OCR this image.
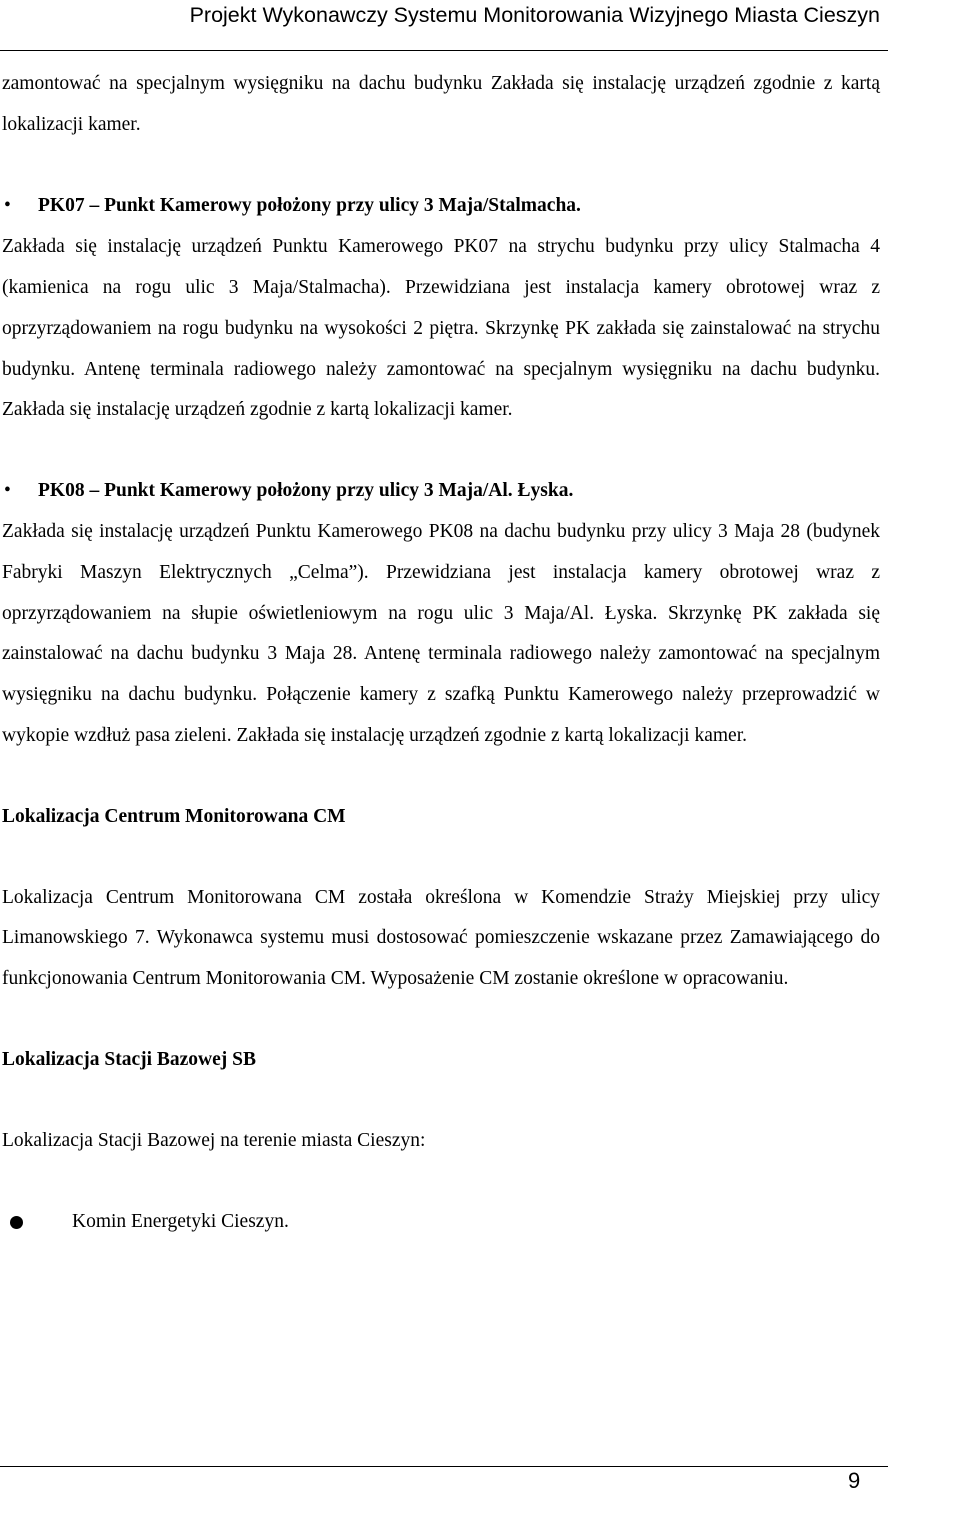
Projekt Wykonawczy Systemu Monitorowania Wizyjnego Miasta Cieszyn

zamontować na specjalnym wysięgniku na dachu budynku Zakłada się instalację urządzeń zgodnie z kartą lokalizacji kamer.

• PK07 – Punkt Kamerowy położony przy ulicy 3 Maja/Stalmacha.

Zakłada się instalację urządzeń Punktu Kamerowego PK07 na strychu budynku przy ulicy Stalmacha 4 (kamienica na rogu ulic 3 Maja/Stalmacha). Przewidziana jest instalacja kamery obrotowej wraz z oprzyrządowaniem na rogu budynku na wysokości 2 piętra. Skrzynkę PK zakłada się zainstalować na strychu budynku. Antenę terminala radiowego należy zamontować na specjalnym wysięgniku na dachu budynku. Zakłada się instalację urządzeń zgodnie z kartą lokalizacji kamer.

• PK08 – Punkt Kamerowy położony przy ulicy 3 Maja/Al. Łyska.

Zakłada się instalację urządzeń Punktu Kamerowego PK08 na dachu budynku przy ulicy 3 Maja 28 (budynek Fabryki Maszyn Elektrycznych „Celma”). Przewidziana jest instalacja kamery obrotowej wraz z oprzyrządowaniem na słupie oświetleniowym na rogu ulic 3 Maja/Al. Łyska. Skrzynkę PK zakłada się zainstalować na dachu budynku 3 Maja 28. Antenę terminala radiowego należy zamontować na specjalnym wysięgniku na dachu budynku. Połączenie kamery z szafką Punktu Kamerowego należy przeprowadzić w wykopie wzdłuż pasa zieleni. Zakłada się instalację urządzeń zgodnie z kartą lokalizacji kamer.

Lokalizacja Centrum Monitorowana CM

Lokalizacja Centrum Monitorowana CM została określona w Komendzie Straży Miejskiej przy ulicy Limanowskiego 7. Wykonawca systemu musi dostosować pomieszczenie wskazane przez Zamawiającego do funkcjonowania Centrum Monitorowania CM. Wyposażenie CM zostanie określone w opracowaniu.

Lokalizacja Stacji Bazowej SB

Lokalizacja Stacji Bazowej na terenie miasta Cieszyn:

Komin Energetyki Cieszyn.
9
